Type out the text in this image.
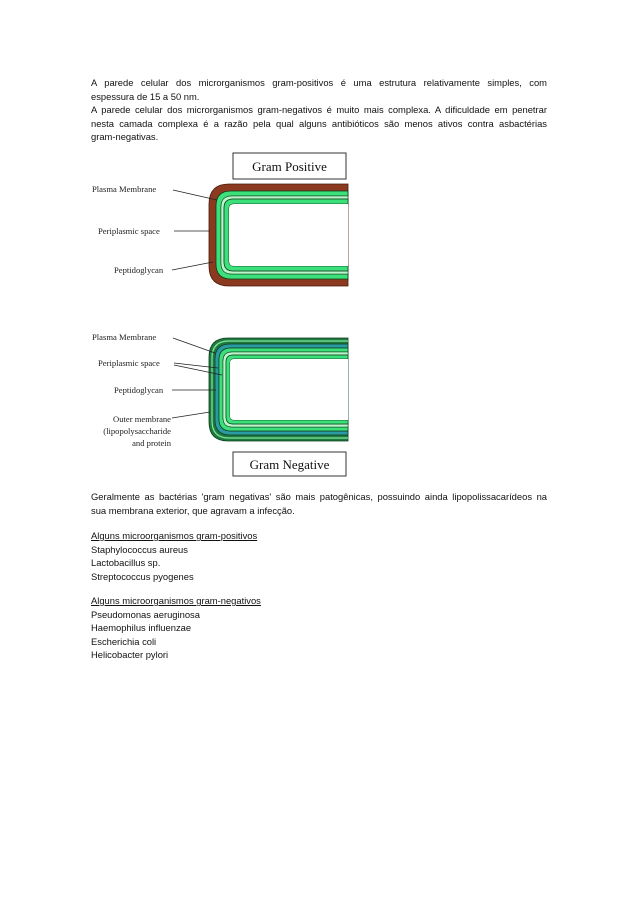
A parede celular dos microrganismos gram-positivos é uma estrutura relativamente simples, com
espessura de 15 a 50 nm.

A parede celular dos microrganismos gram-negativos é muito mais complexa. A dificuldade em penetrar
nesta camada complexa é a razão pela qual alguns antibióticos são menos ativos contra asbactérias
gram-negativas.

Gram Positive
Plasma Membrane
Periplasmic space
Peptidoglycan
Gram Negative
Plasma Membrane
Periplasmic space
Peptidoglycan
Outer membrane
(lipopolysaccharide
and protein

Geralmente as bactérias 'gram negativas' são mais patogênicas, possuindo ainda lipopolissacarídeos na
sua membrana exterior, que agravam a infecção.

Alguns microorganismos gram-positivos
Staphylococcus aureus
Lactobacillus sp.
Streptococcus pyogenes
Alguns microorganismos gram-negativos
Pseudomonas aeruginosa
Haemophilus influenzae
Escherichia coli
Helicobacter pylori
